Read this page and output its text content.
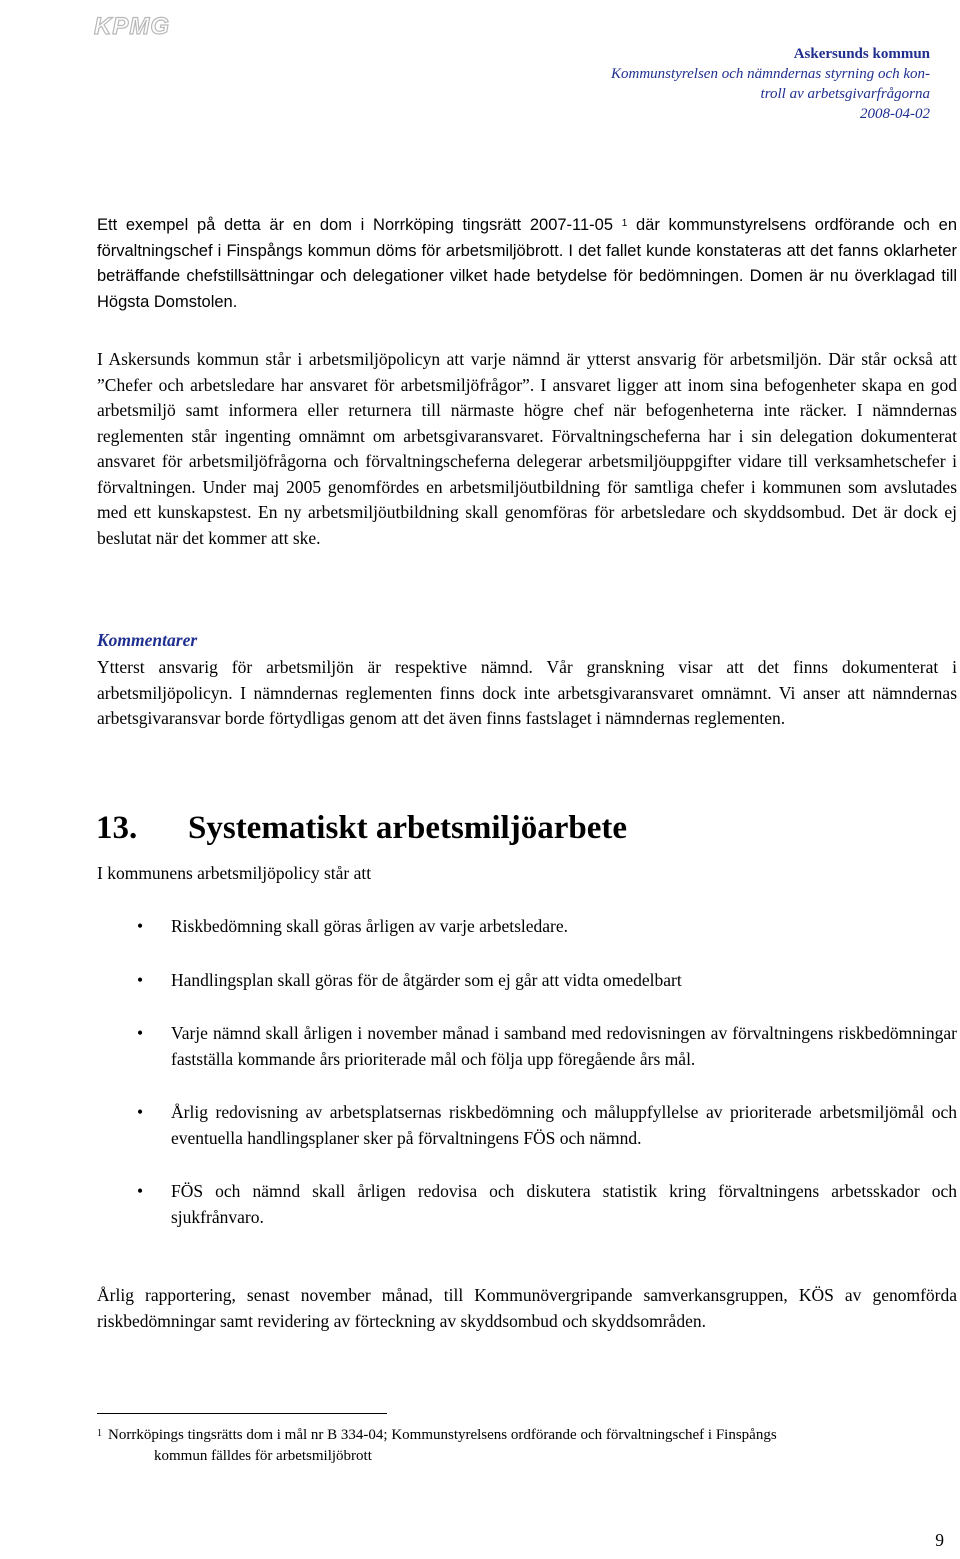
KPMG
Askersunds kommun
Kommunstyrelsen och nämndernas styrning och kon-
troll av arbetsgivarfrågorna
2008-04-02

Ett exempel på detta är en dom i Norrköping tingsrätt 2007-11-05 $^1$ där kommunstyrelsens ordförande och en förvaltningschef i Finspångs kommun döms för arbetsmiljöbrott. I det fallet kunde konstateras att det fanns oklarheter beträffande chefstillsättningar och delegationer vilket hade betydelse för bedömningen. Domen är nu överklagad till Högsta Domstolen.

I Askersunds kommun står i arbetsmiljöpolicyn att varje nämnd är ytterst ansvarig för arbetsmiljön. Där står också att ”Chefer och arbetsledare har ansvaret för arbetsmiljöfrågor”. I ansvaret ligger att inom sina befogenheter skapa en god arbetsmiljö samt informera eller returnera till närmaste högre chef när befogenheterna inte räcker. I nämndernas reglementen står ingenting omnämnt om arbetsgivaransvaret. Förvaltningscheferna har i sin delegation dokumenterat ansvaret för arbetsmiljöfrågorna och förvaltningscheferna delegerar arbetsmiljöuppgifter vidare till verksamhetschefer i förvaltningen. Under maj 2005 genomfördes en arbetsmiljöutbildning för samtliga chefer i kommunen som avslutades med ett kunskapstest. En ny arbetsmiljöutbildning skall genomföras för arbetsledare och skyddsombud. Det är dock ej beslutat när det kommer att ske.

Kommentarer

Ytterst ansvarig för arbetsmiljön är respektive nämnd. Vår granskning visar att det finns dokumenterat i arbetsmiljöpolicyn. I nämndernas reglementen finns dock inte arbetsgivaransvaret omnämnt. Vi anser att nämndernas arbetsgivaransvar borde förtydligas genom att det även finns fastslaget i nämndernas reglementen.

13. Systematiskt arbetsmiljöarbete

I kommunens arbetsmiljöpolicy står att

• Riskbedömning skall göras årligen av varje arbetsledare.
• Handlingsplan skall göras för de åtgärder som ej går att vidta omedelbart
• Varje nämnd skall årligen i november månad i samband med redovisningen av förvaltningens riskbedömningar fastställa kommande års prioriterade mål och följa upp föregående års mål.
• Årlig redovisning av arbetsplatsernas riskbedömning och måluppfyllelse av prioriterade arbetsmiljömål och eventuella handlingsplaner sker på förvaltningens FÖS och nämnd.
• FÖS och nämnd skall årligen redovisa och diskutera statistik kring förvaltningens arbetsskador och sjukfrånvaro.

Årlig rapportering, senast november månad, till Kommunövergripande samverkansgruppen, KÖS av genomförda riskbedömningar samt revidering av förteckning av skyddsombud och skyddsområden.

$^1$ Norrköpings tingsrätts dom i mål nr B 334-04; Kommunstyrelsens ordförande och förvaltningschef i Finspångs
kommun fälldes för arbetsmiljöbrott

9
